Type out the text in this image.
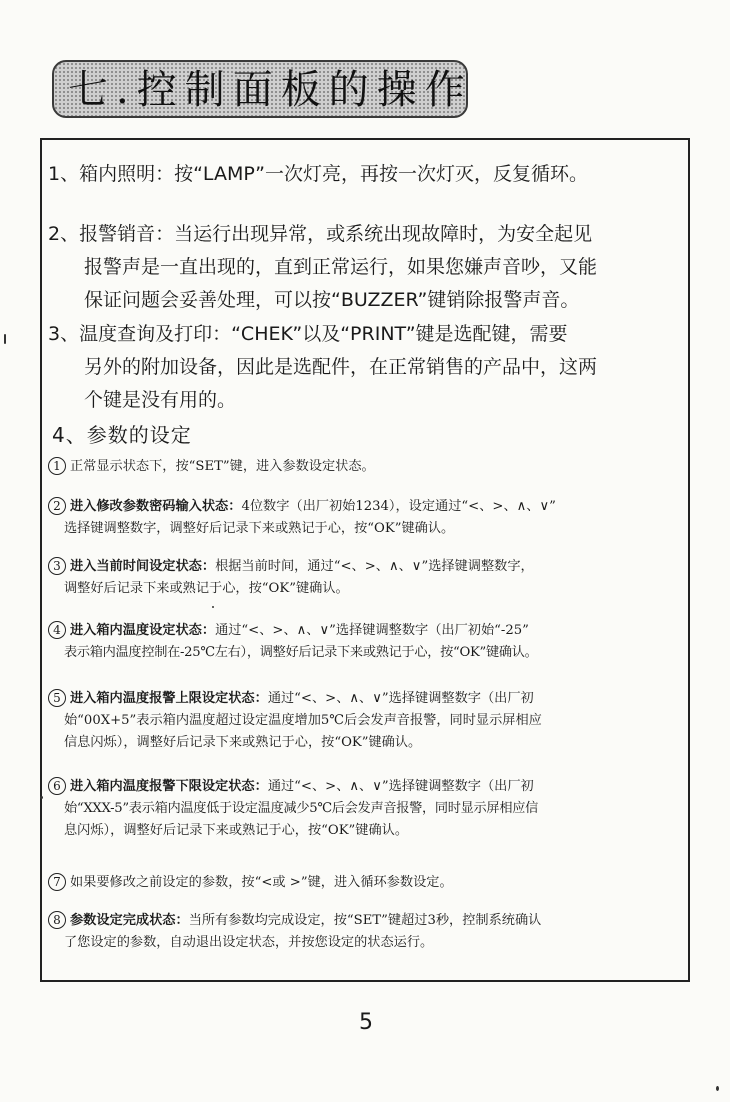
七.控制面板的操作
1、箱内照明：按“LAMP”一次灯亮，再按一次灯灭，反复循环。
2、报警销音：当运行出现异常，或系统出现故障时，为安全起见
报警声是一直出现的，直到正常运行，如果您嫌声音吵，又能
保证问题会妥善处理，可以按“BUZZER”键销除报警声音。
3、温度查询及打印：“CHEK”以及“PRINT”键是选配键，需要
另外的附加设备，因此是选配件，在正常销售的产品中，这两
个键是没有用的。
4、参数的设定
1 正常显示状态下，按“SET”键，进入参数设定状态。
2 进入修改参数密码输入状态：4位数字（出厂初始1234），设定通过“<、>、∧、∨”
选择键调整数字，调整好后记录下来或熟记于心，按“OK”键确认。
3 进入当前时间设定状态：根据当前时间，通过“<、>、∧、∨”选择键调整数字，
调整好后记录下来或熟记于心，按“OK”键确认。
4 进入箱内温度设定状态：通过“<、>、∧、∨”选择键调整数字（出厂初始“-25”
表示箱内温度控制在-25℃左右），调整好后记录下来或熟记于心，按“OK”键确认。
5 进入箱内温度报警上限设定状态：通过“<、>、∧、∨”选择键调整数字（出厂初
始“00X+5”表示箱内温度超过设定温度增加5℃后会发声音报警，同时显示屏相应
信息闪烁），调整好后记录下来或熟记于心，按“OK”键确认。
6 进入箱内温度报警下限设定状态：通过“<、>、∧、∨”选择键调整数字（出厂初
始“XXX-5”表示箱内温度低于设定温度减少5℃后会发声音报警，同时显示屏相应信
息闪烁），调整好后记录下来或熟记于心，按“OK”键确认。
7 如果要修改之前设定的参数，按“<或 >”键，进入循环参数设定。
8 参数设定完成状态：当所有参数均完成设定，按“SET”键超过3秒，控制系统确认
了您设定的参数，自动退出设定状态，并按您设定的状态运行。
5
